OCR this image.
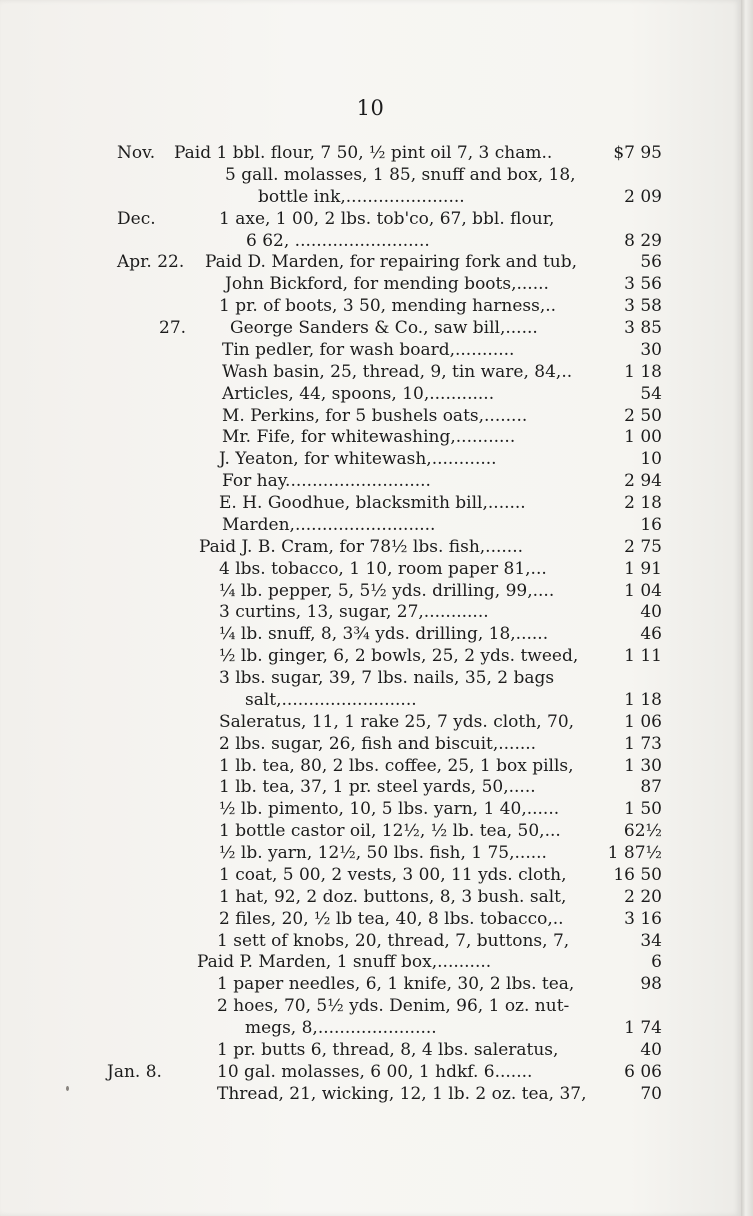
10
Nov. Paid 1 bbl. flour, 7 50, ½ pint oil 7, 3 cham..	$7 95
5 gall. molasses, 1 85, snuff and box, 18,
bottle ink,......................	2 09
Dec.	1 axe, 1 00, 2 lbs. tob'co, 67, bbl. flour,
6 62, .........................	8 29
Apr. 22. Paid D. Marden, for repairing fork and tub,	56
John Bickford, for mending boots,......	3 56
1 pr. of boots, 3 50, mending harness,..	3 58
27.	George Sanders & Co., saw bill,......	3 85
Tin pedler, for wash board,...........	30
Wash basin, 25, thread, 9, tin ware, 84,..	1 18
Articles, 44, spoons, 10,............	54
M. Perkins, for 5 bushels oats,........	2 50
Mr. Fife, for whitewashing,...........	1 00
J. Yeaton, for whitewash,............	10
For hay...........................	2 94
E. H. Goodhue, blacksmith bill,.......	2 18
Marden,..........................	16
Paid J. B. Cram, for 78½ lbs. fish,.......	2 75
4 lbs. tobacco, 1 10, room paper 81,...	1 91
¼ lb. pepper, 5, 5½ yds. drilling, 99,....	1 04
3 curtins, 13, sugar, 27,............	40
¼ lb. snuff, 8, 3¾ yds. drilling, 18,......	46
½ lb. ginger, 6, 2 bowls, 25, 2 yds. tweed,	1 11
3 lbs. sugar, 39, 7 lbs. nails, 35, 2 bags
salt,.........................	1 18
Saleratus, 11, 1 rake 25, 7 yds. cloth, 70,	1 06
2 lbs. sugar, 26, fish and biscuit,.......	1 73
1 lb. tea, 80, 2 lbs. coffee, 25, 1 box pills,	1 30
1 lb. tea, 37, 1 pr. steel yards, 50,.....	87
½ lb. pimento, 10, 5 lbs. yarn, 1 40,......	1 50
1 bottle castor oil, 12½, ½ lb. tea, 50,...	62½
½ lb. yarn, 12½, 50 lbs. fish, 1 75,......	1 87½
1 coat, 5 00, 2 vests, 3 00, 11 yds. cloth,	16 50
1 hat, 92, 2 doz. buttons, 8, 3 bush. salt,	2 20
2 files, 20, ½ lb tea, 40, 8 lbs. tobacco,..	3 16
1 sett of knobs, 20, thread, 7, buttons, 7,	34
Paid P. Marden, 1 snuff box,..........	6
1 paper needles, 6, 1 knife, 30, 2 lbs. tea,	98
2 hoes, 70, 5½ yds. Denim, 96, 1 oz. nut-
megs, 8,......................	1 74
1 pr. butts 6, thread, 8, 4 lbs. saleratus,	40
Jan. 8.	10 gal. molasses, 6 00, 1 hdkf. 6.......	6 06
Thread, 21, wicking, 12, 1 lb. 2 oz. tea, 37,	70
